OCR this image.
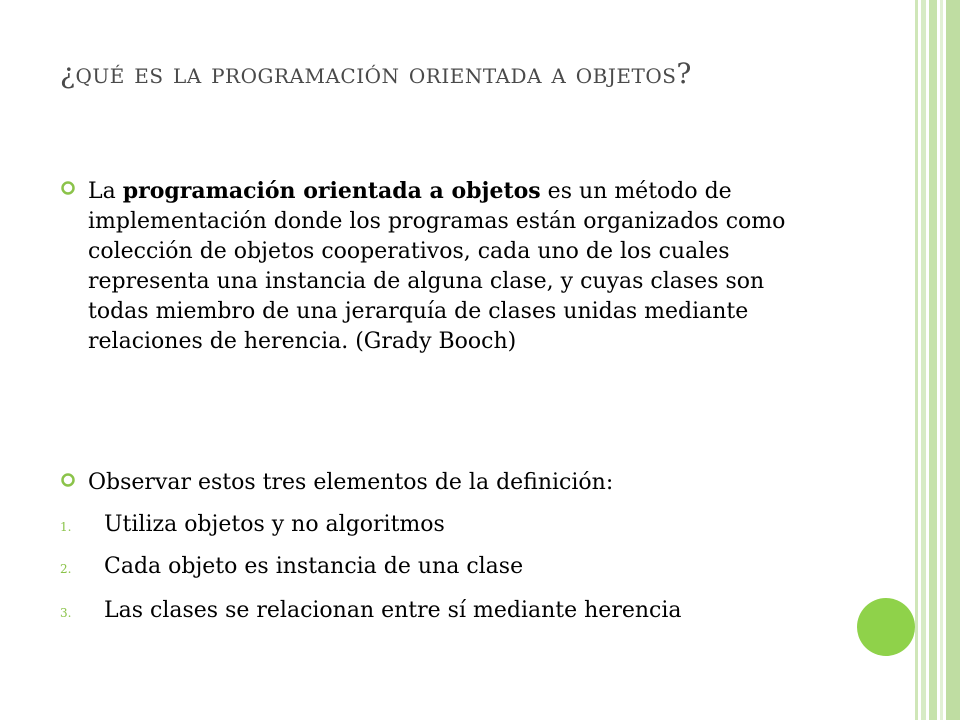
¿qué es la programación orientada a objetos?
La programación orientada a objetos es un método de implementación donde los programas están organizados como colección de objetos cooperativos, cada uno de los cuales representa una instancia de alguna clase, y cuyas clases son todas miembro de una jerarquía de clases unidas mediante relaciones de herencia. (Grady Booch)
Observar estos tres elementos de la definición:
1.	Utiliza objetos y no algoritmos
2.	Cada objeto es instancia de una clase
3.	Las clases se relacionan entre sí mediante herencia
